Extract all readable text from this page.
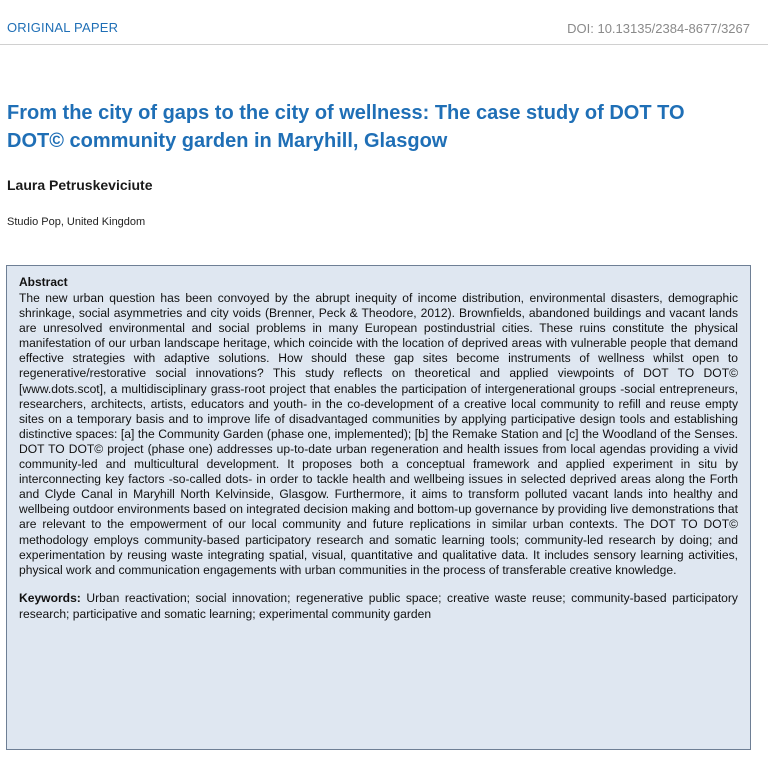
ORIGINAL PAPER	DOI: 10.13135/2384-8677/3267
From the city of gaps to the city of wellness: The case study of DOT TO DOT© community garden in Maryhill, Glasgow
Laura Petruskeviciute
Studio Pop, United Kingdom
Abstract

The new urban question has been convoyed by the abrupt inequity of income distribution, environmental disasters, demographic shrinkage, social asymmetries and city voids (Brenner, Peck & Theodore, 2012). Brownfields, abandoned buildings and vacant lands are unresolved environmental and social problems in many European postindustrial cities. These ruins constitute the physical manifestation of our urban landscape heritage, which coincide with the location of deprived areas with vulnerable people that demand effective strategies with adaptive solutions. How should these gap sites become instruments of wellness whilst open to regenerative/restorative social innovations? This study reflects on theoretical and applied viewpoints of DOT TO DOT© [www.dots.scot], a multidisciplinary grass-root project that enables the participation of intergenerational groups -social entrepreneurs, researchers, architects, artists, educators and youth- in the co-development of a creative local community to refill and reuse empty sites on a temporary basis and to improve life of disadvantaged communities by applying participative design tools and establishing distinctive spaces: [a] the Community Garden (phase one, implemented); [b] the Remake Station and [c] the Woodland of the Senses. DOT TO DOT© project (phase one) addresses up-to-date urban regeneration and health issues from local agendas providing a vivid community-led and multicultural development. It proposes both a conceptual framework and applied experiment in situ by interconnecting key factors -so-called dots- in order to tackle health and wellbeing issues in selected deprived areas along the Forth and Clyde Canal in Maryhill North Kelvinside, Glasgow. Furthermore, it aims to transform polluted vacant lands into healthy and wellbeing outdoor environments based on integrated decision making and bottom-up governance by providing live demonstrations that are relevant to the empowerment of our local community and future replications in similar urban contexts. The DOT TO DOT© methodology employs community-based participatory research and somatic learning tools; community-led research by doing; and experimentation by reusing waste integrating spatial, visual, quantitative and qualitative data. It includes sensory learning activities, physical work and communication engagements with urban communities in the process of transferable creative knowledge.

Keywords: Urban reactivation; social innovation; regenerative public space; creative waste reuse; community-based participatory research; participative and somatic learning; experimental community garden
